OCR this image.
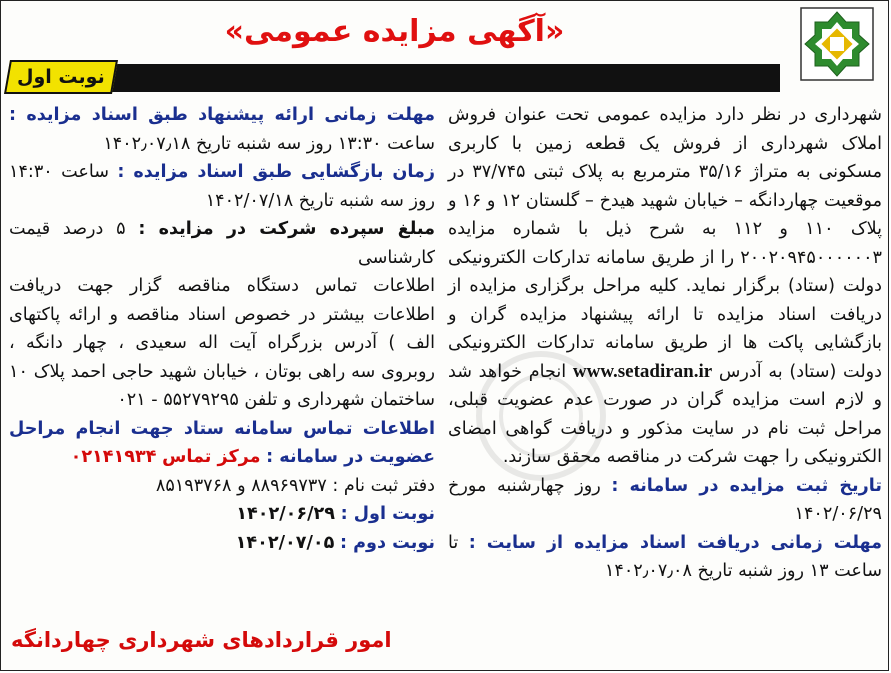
«آگهی مزایده عمومی»
نوبت اول

شهرداری در نظر دارد مزایده عمومی تحت عنوان فروش املاک شهرداری از فروش یک قطعه زمین با کاربری مسکونی به متراژ ۳۵/۱۶ مترمربع به پلاک ثبتی ۳۷/۷۴۵ در موقعیت چهاردانگه – خیابان شهید هیدخ – گلستان ۱۲ و ۱۶ و پلاک ۱۱۰ و ۱۱۲ به شرح ذیل با شماره مزایده ۲۰۰۲۰۹۴۵۰۰۰۰۰۰۳ را از طریق سامانه تدارکات الکترونیکی دولت (ستاد) برگزار نماید. کلیه مراحل برگزاری مزایده از دریافت اسناد مزایده تا ارائه پیشنهاد مزایده گران و بازگشایی پاکت ها از طریق سامانه تدارکات الکترونیکی دولت (ستاد) به آدرس www.setadiran.ir انجام خواهد شد و لازم است مزایده گران در صورت عدم عضویت قبلی، مراحل ثبت نام در سایت مذکور و دریافت گواهی امضای الکترونیکی را جهت شرکت در مناقصه محقق سازند.

تاریخ ثبت مزایده در سامانه : روز چهارشنبه مورخ ۱۴۰۲/۰۶/۲۹

مهلت زمانی دریافت اسناد مزایده از سایت : تا ساعت ۱۳ روز شنبه تاریخ ۱۴۰۲٫۰۷٫۰۸

مهلت زمانی ارائه پیشنهاد طبق اسناد مزایده : ساعت ۱۳:۳۰ روز سه شنبه تاریخ ۱۴۰۲٫۰۷٫۱۸

زمان بازگشایی طبق اسناد مزایده : ساعت ۱۴:۳۰ روز سه شنبه تاریخ ۱۴۰۲/۰۷/۱۸

مبلغ سپرده شرکت در مزایده : ۵ درصد قیمت کارشناسی

اطلاعات تماس دستگاه مناقصه گزار جهت دریافت اطلاعات بیشتر در خصوص اسناد مناقصه و ارائه پاکتهای الف ) آدرس بزرگراه آیت اله سعیدی ، چهار دانگه ، روبروی سه راهی بوتان ، خیابان شهید حاجی احمد پلاک ۱۰ ساختمان شهرداری و تلفن ۵۵۲۷۹۲۹۵ - ۰۲۱

اطلاعات تماس سامانه ستاد جهت انجام مراحل عضویت در سامانه : مرکز تماس ۰۲۱۴۱۹۳۴

دفتر ثبت نام : ۸۸۹۶۹۷۳۷ و ۸۵۱۹۳۷۶۸

نوبت اول : ۱۴۰۲/۰۶/۲۹

نوبت دوم : ۱۴۰۲/۰۷/۰۵

امور قراردادهای شهرداری چهاردانگه
